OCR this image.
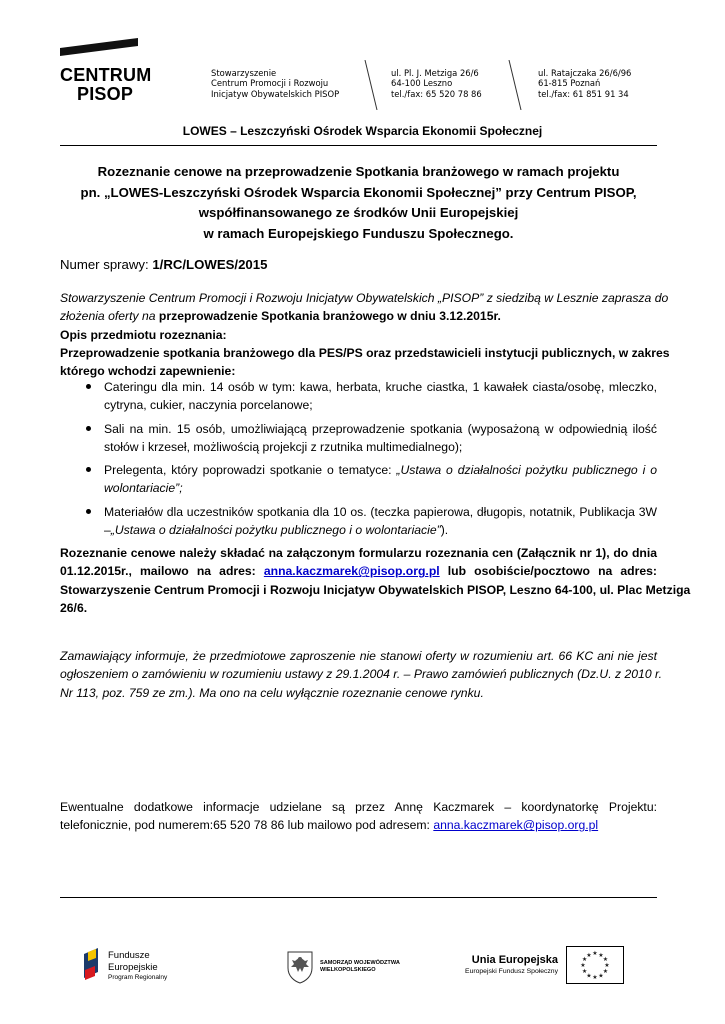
CENTRUM
PISOP
Stowarzyszenie
Centrum Promocji i Rozwoju
Inicjatyw Obywatelskich PISOP
ul. Pl. J. Metziga 26/6
64-100 Leszno
tel./fax: 65 520 78 86
ul. Ratajczaka 26/6/96
61-815 Poznań
tel./fax: 61 851 91 34
LOWES – Leszczyński Ośrodek Wsparcia Ekonomii Społecznej
Rozeznanie cenowe na przeprowadzenie Spotkania branżowego w ramach projektu
pn. „LOWES-Leszczyński Ośrodek Wsparcia Ekonomii Społecznej” przy Centrum PISOP,
współfinansowanego ze środków Unii Europejskiej
w ramach Europejskiego Funduszu Społecznego.
Numer sprawy: 1/RC/LOWES/2015
Stowarzyszenie Centrum Promocji i Rozwoju Inicjatyw Obywatelskich „PISOP” z siedzibą w Lesznie zaprasza do
złożenia oferty na przeprowadzenie Spotkania branżowego w dniu 3.12.2015r.
Opis przedmiotu rozeznania:
Przeprowadzenie spotkania branżowego dla PES/PS oraz przedstawicieli instytucji publicznych, w zakres
którego wchodzi zapewnienie:
Cateringu dla min. 14 osób w tym: kawa, herbata, kruche ciastka, 1 kawałek ciasta/osobę, mleczko,
cytryna, cukier, naczynia porcelanowe;
Sali na min. 15 osób, umożliwiającą przeprowadzenie spotkania (wyposażoną w odpowiednią ilość
stołów i krzeseł, możliwością projekcji z rzutnika multimedialnego);
Prelegenta, który poprowadzi spotkanie o tematyce: „Ustawa o działalności pożytku publicznego i o
wolontariacie”;
Materiałów dla uczestników spotkania dla 10 os. (teczka papierowa, długopis, notatnik, Publikacja 3W
–„Ustawa o działalności pożytku publicznego i o wolontariacie”).
Rozeznanie cenowe należy składać na załączonym formularzu rozeznania cen (Załącznik nr 1), do dnia
01.12.2015r., mailowo na adres: anna.kaczmarek@pisop.org.pl lub osobiście/pocztowo na adres:
Stowarzyszenie Centrum Promocji i Rozwoju Inicjatyw Obywatelskich PISOP, Leszno 64-100, ul. Plac Metziga
26/6.
Zamawiający informuje, że przedmiotowe zaproszenie nie stanowi oferty w rozumieniu art. 66 KC ani nie jest
ogłoszeniem o zamówieniu w rozumieniu ustawy z 29.1.2004 r. – Prawo zamówień publicznych (Dz.U. z 2010 r.
Nr 113, poz. 759 ze zm.). Ma ono na celu wyłącznie rozeznanie cenowe rynku.
Ewentualne dodatkowe informacje udzielane są przez Annę Kaczmarek – koordynatorkę Projektu:
telefonicznie, pod numerem:65 520 78 86 lub mailowo pod adresem: anna.kaczmarek@pisop.org.pl
Fundusze
Europejskie
Program Regionalny
SAMORZĄD WOJEWÓDZTWA
WIELKOPOLSKIEGO
Unia Europejska
Europejski Fundusz Społeczny
★ ★
★
★
★
★
★
★
★
★
★
★
